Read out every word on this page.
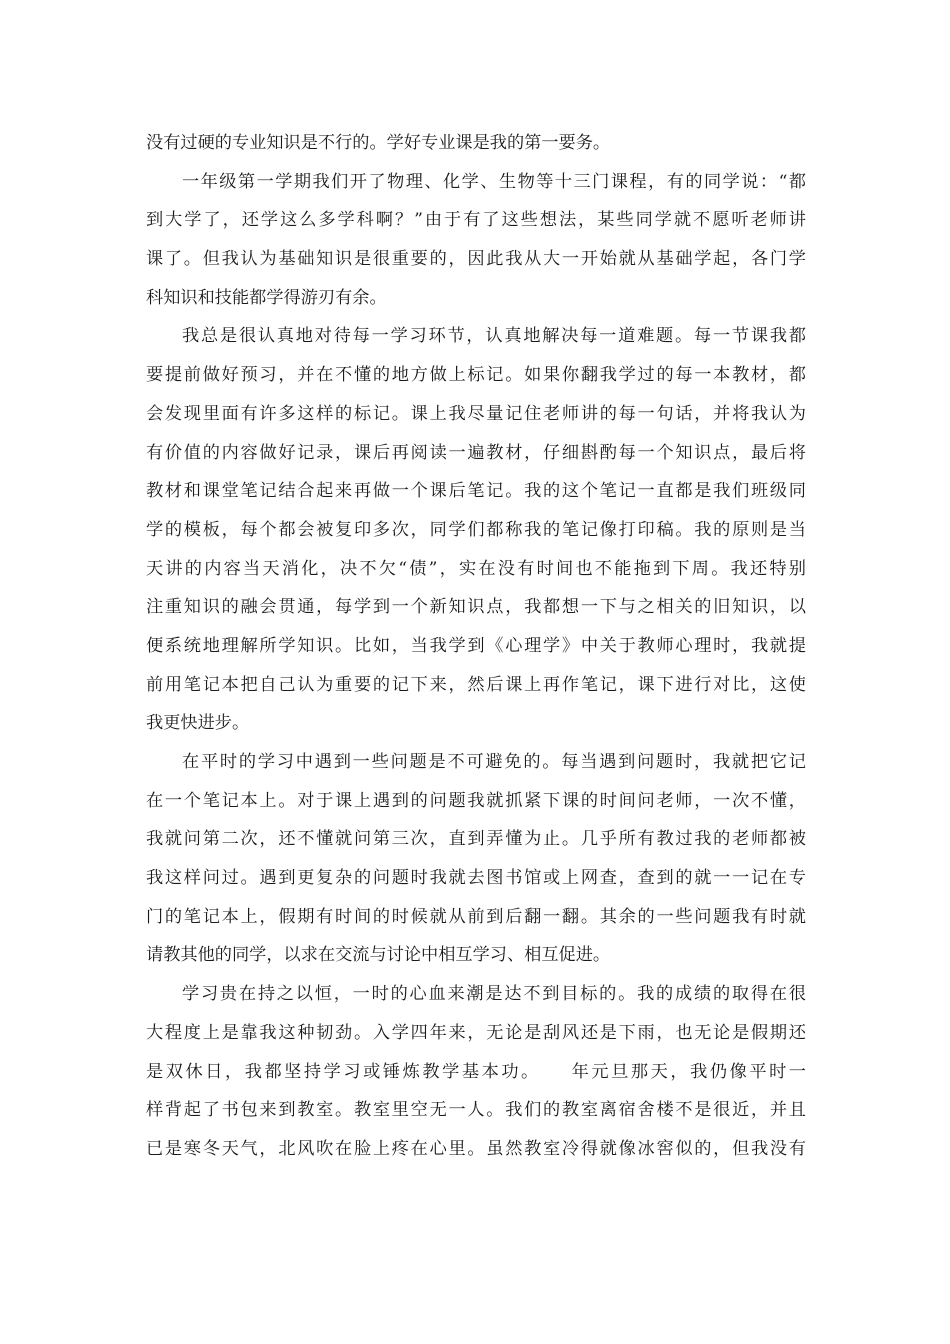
没有过硬的专业知识是不行的。学好专业课是我的第一要务。
一年级第一学期我们开了物理、化学、生物等十三门课程，有的同学说：“都
到大学了，还学这么多学科啊？”由于有了这些想法，某些同学就不愿听老师讲
课了。但我认为基础知识是很重要的，因此我从大一开始就从基础学起，各门学
科知识和技能都学得游刃有余。
我总是很认真地对待每一学习环节，认真地解决每一道难题。每一节课我都
要提前做好预习，并在不懂的地方做上标记。如果你翻我学过的每一本教材，都
会发现里面有许多这样的标记。课上我尽量记住老师讲的每一句话，并将我认为
有价值的内容做好记录，课后再阅读一遍教材，仔细斟酌每一个知识点，最后将
教材和课堂笔记结合起来再做一个课后笔记。我的这个笔记一直都是我们班级同
学的模板，每个都会被复印多次，同学们都称我的笔记像打印稿。我的原则是当
天讲的内容当天消化，决不欠“债”，实在没有时间也不能拖到下周。我还特别
注重知识的融会贯通，每学到一个新知识点，我都想一下与之相关的旧知识，以
便系统地理解所学知识。比如，当我学到《心理学》中关于教师心理时，我就提
前用笔记本把自己认为重要的记下来，然后课上再作笔记，课下进行对比，这使
我更快进步。
在平时的学习中遇到一些问题是不可避免的。每当遇到问题时，我就把它记
在一个笔记本上。对于课上遇到的问题我就抓紧下课的时间问老师，一次不懂，
我就问第二次，还不懂就问第三次，直到弄懂为止。几乎所有教过我的老师都被
我这样问过。遇到更复杂的问题时我就去图书馆或上网查，查到的就一一记在专
门的笔记本上，假期有时间的时候就从前到后翻一翻。其余的一些问题我有时就
请教其他的同学，以求在交流与讨论中相互学习、相互促进。
学习贵在持之以恒，一时的心血来潮是达不到目标的。我的成绩的取得在很
大程度上是靠我这种韧劲。入学四年来，无论是刮风还是下雨，也无论是假期还
是双休日，我都坚持学习或锤炼教学基本功。　　年元旦那天，我仍像平时一
样背起了书包来到教室。教室里空无一人。我们的教室离宿舍楼不是很近，并且
已是寒冬天气，北风吹在脸上疼在心里。虽然教室冷得就像冰窖似的，但我没有
